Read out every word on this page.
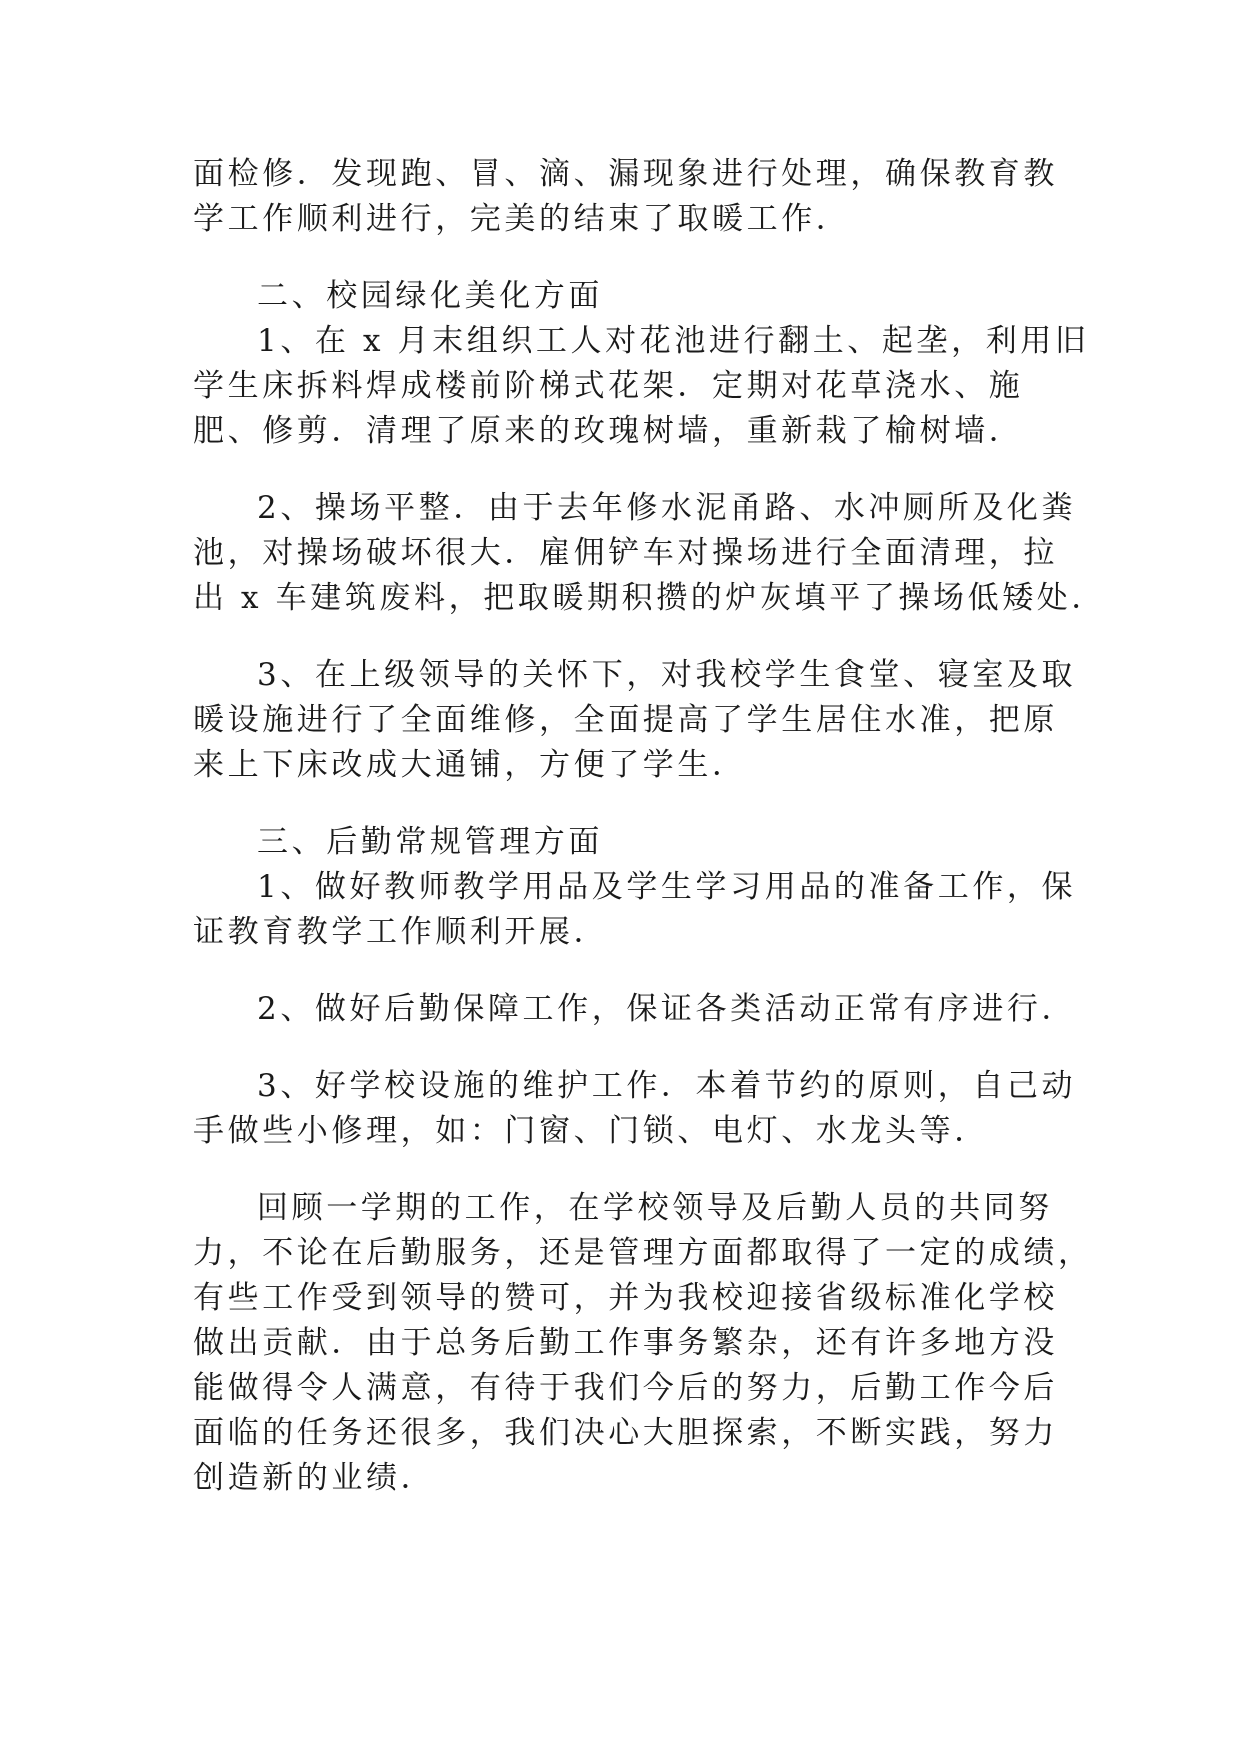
面检修．发现跑、冒、滴、漏现象进行处理，确保教育教
学工作顺利进行，完美的结束了取暖工作．
二、校园绿化美化方面
1、在 x 月末组织工人对花池进行翻土、起垄，利用旧
学生床拆料焊成楼前阶梯式花架．定期对花草浇水、施
肥、修剪．清理了原来的玫瑰树墙，重新栽了榆树墙．
2、操场平整．由于去年修水泥甬路、水冲厕所及化粪
池，对操场破坏很大．雇佣铲车对操场进行全面清理，拉
出 x 车建筑废料，把取暖期积攒的炉灰填平了操场低矮处．
3、在上级领导的关怀下，对我校学生食堂、寝室及取
暖设施进行了全面维修，全面提高了学生居住水准，把原
来上下床改成大通铺，方便了学生．
三、后勤常规管理方面
1、做好教师教学用品及学生学习用品的准备工作，保
证教育教学工作顺利开展．
2、做好后勤保障工作，保证各类活动正常有序进行．
3、好学校设施的维护工作．本着节约的原则，自己动
手做些小修理，如：门窗、门锁、电灯、水龙头等．
回顾一学期的工作，在学校领导及后勤人员的共同努
力，不论在后勤服务，还是管理方面都取得了一定的成绩，
有些工作受到领导的赞可，并为我校迎接省级标准化学校
做出贡献．由于总务后勤工作事务繁杂，还有许多地方没
能做得令人满意，有待于我们今后的努力，后勤工作今后
面临的任务还很多，我们决心大胆探索，不断实践，努力
创造新的业绩．
